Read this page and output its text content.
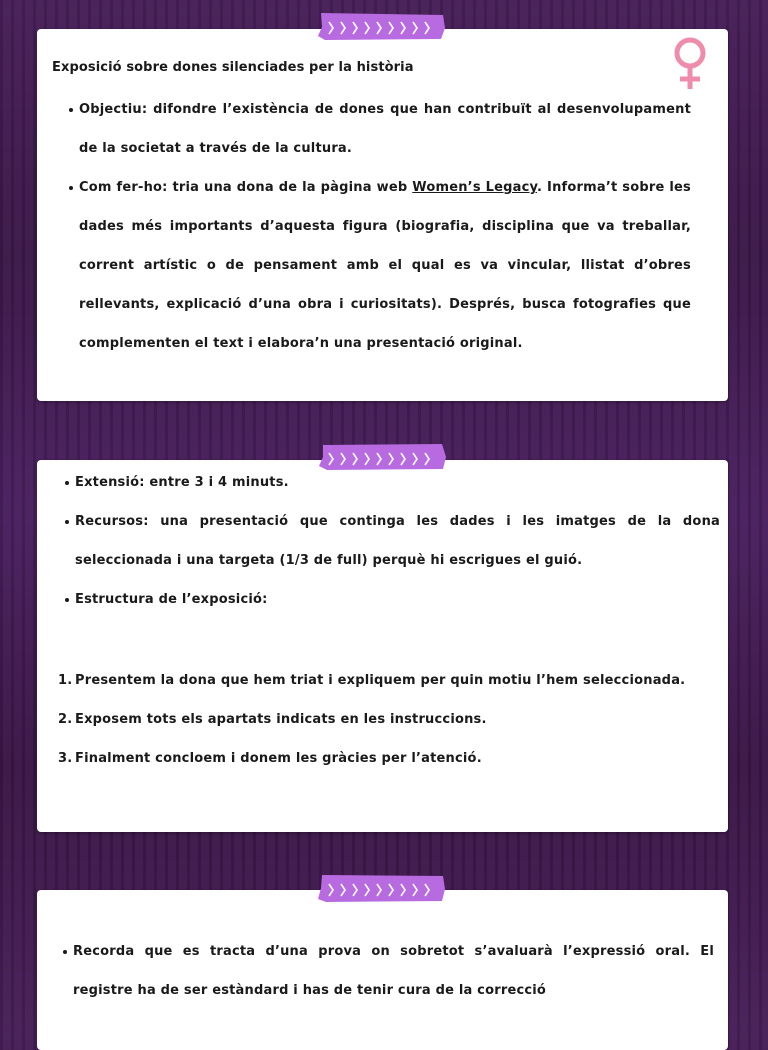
Exposició sobre dones silenciades per la història
Objectiu: difondre l’existència de dones que han contribuït al desenvolupament de la societat a través de la cultura.
Com fer-ho: tria una dona de la pàgina web Women’s Legacy. Informa’t sobre les dades més importants d’aquesta figura (biografia, disciplina que va treballar, corrent artístic o de pensament amb el qual es va vincular, llistat d’obres rellevants, explicació d’una obra i curiositats). Després, busca fotografies que complementen el text i elabora’n una presentació original.
Extensió: entre 3 i 4 minuts.
Recursos: una presentació que continga les dades i les imatges de la dona seleccionada i una targeta (1/3 de full) perquè hi escrigues el guió.
Estructura de l’exposició:
1. Presentem la dona que hem triat i expliquem per quin motiu l’hem seleccionada.
2. Exposem tots els apartats indicats en les instruccions.
3. Finalment concloem i donem les gràcies per l’atenció.
Recorda que es tracta d’una prova on sobretot s’avaluarà l’expressió oral. El registre ha de ser estàndard i has de tenir cura de la correcció
